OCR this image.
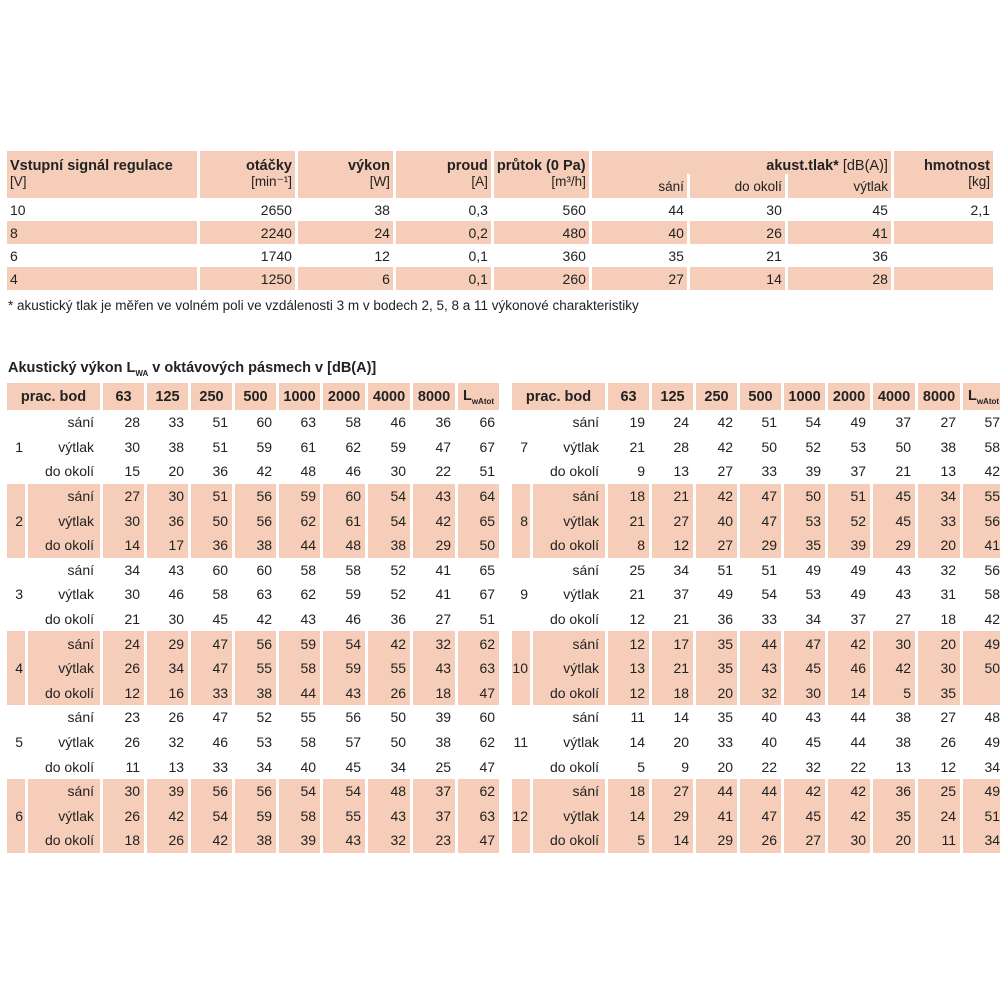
Vstupní signál regulace	otáčky	výkon	proud	průtok (0 Pa)	akust.tlak* [dB(A)]			hmotnost
[V]	[min⁻¹]	[W]	[A]	[m³/h]	sání	do okolí	výtlak	[kg]
10	2650	38	0,3	560	44	30	45	2,1
8	2240	24	0,2	480	40	26	41	
6	1740	12	0,1	360	35	21	36	
4	1250	6	0,1	260	27	14	28	
* akustický tlak je měřen ve volném poli ve vzdálenosti 3 m v bodech 2, 5, 8 a 11 výkonové charakteristiky
Akustický výkon $L_{WA}$ v oktávových pásmech v [dB(A)]
prac. bod		63	125	250	500	1000	2000	4000	8000	$L_{wAtot}$
	sání	28	33	51	60	63	58	46	36	66
1	výtlak	30	38	51	59	61	62	59	47	67
	do okolí	15	20	36	42	48	46	30	22	51
	sání	27	30	51	56	59	60	54	43	64
2	výtlak	30	36	50	56	62	61	54	42	65
	do okolí	14	17	36	38	44	48	38	29	50
	sání	34	43	60	60	58	58	52	41	65
3	výtlak	30	46	58	63	62	59	52	41	67
	do okolí	21	30	45	42	43	46	36	27	51
	sání	24	29	47	56	59	54	42	32	62
4	výtlak	26	34	47	55	58	59	55	43	63
	do okolí	12	16	33	38	44	43	26	18	47
	sání	23	26	47	52	55	56	50	39	60
5	výtlak	26	32	46	53	58	57	50	38	62
	do okolí	11	13	33	34	40	45	34	25	47
	sání	30	39	56	56	54	54	48	37	62
6	výtlak	26	42	54	59	58	55	43	37	63
	do okolí	18	26	42	38	39	43	32	23	47
prac. bod		63	125	250	500	1000	2000	4000	8000	$L_{wAtot}$
	sání	19	24	42	51	54	49	37	27	57
7	výtlak	21	28	42	50	52	53	50	38	58
	do okolí	9	13	27	33	39	37	21	13	42
	sání	18	21	42	47	50	51	45	34	55
8	výtlak	21	27	40	47	53	52	45	33	56
	do okolí	8	12	27	29	35	39	29	20	41
	sání	25	34	51	51	49	49	43	32	56
9	výtlak	21	37	49	54	53	49	43	31	58
	do okolí	12	21	36	33	34	37	27	18	42
	sání	12	17	35	44	47	42	30	20	49
10	výtlak	13	21	35	43	45	46	42	30	50
	do okolí	12	18	20	32	30	14	5	35	
	sání	11	14	35	40	43	44	38	27	48
11	výtlak	14	20	33	40	45	44	38	26	49
	do okolí	5	9	20	22	32	22	13	12	34
	sání	18	27	44	44	42	42	36	25	49
12	výtlak	14	29	41	47	45	42	35	24	51
	do okolí	5	14	29	26	27	30	20	11	34
